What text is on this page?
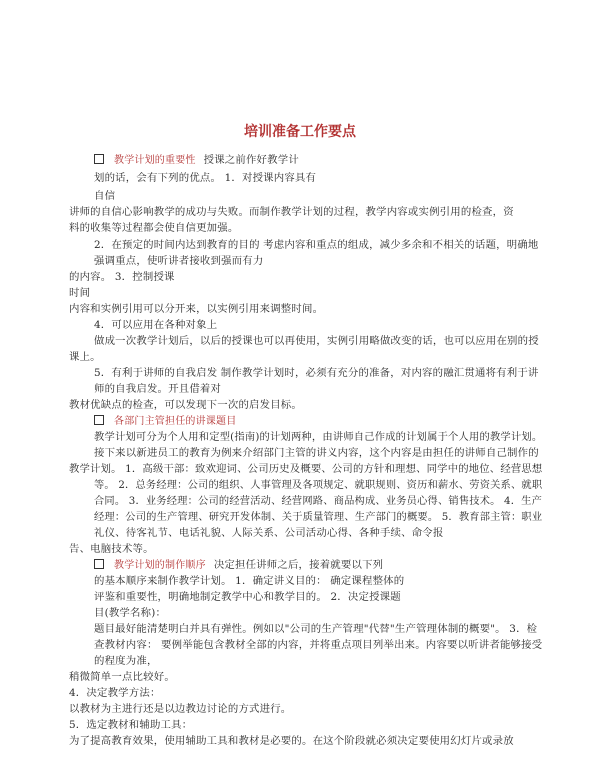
培训准备工作要点
教学计划的重要性 授课之前作好教学计
划的话，会有下列的优点。 1．对授课内容具有
自信
讲师的自信心影响教学的成功与失败。而制作教学计划的过程，教学内容或实例引用的检查，资
料的收集等过程都会使自信更加强。
2．在预定的时间内达到教育的目的 考虑内容和重点的组成，减少多余和不相关的话题，明确地
强调重点，使听讲者接收到强而有力
的内容。 3．控制授课
时间
内容和实例引用可以分开来，以实例引用来调整时间。
4．可以应用在各种对象上
做成一次教学计划后，以后的授课也可以再使用，实例引用略做改变的话，也可以应用在别的授
课上。
5．有利于讲师的自我启发 制作教学计划时，必须有充分的准备，对内容的融汇贯通将有利于讲
师的自我启发。开且借着对
教材优缺点的检查，可以发现下一次的启发目标。
各部门主管担任的讲课题目
教学计划可分为个人用和定型(指南)的计划两种，由讲师自己作成的计划属于个人用的教学计划。
接下来以新进员工的教育为例来介绍部门主管的讲义内容，这个内容是由担任的讲师自己制作的
教学计划。 1．高级干部：致欢迎词、公司历史及概要、公司的方针和理想、同学中的地位、经营思想
等。 2．总务经理：公司的组织、人事管理及各项规定、就职规则、资历和薪水、劳资关系、就职
合同。 3．业务经理：公司的经营活动、经营网路、商品构成、业务员心得、销售技术。 4．生产
经理：公司的生产管理、研究开发体制、关于质量管理、生产部门的概要。 5．教育部主管：职业
礼仪、待客礼节、电话礼貌、人际关系、公司活动心得、各种手续、命令报
告、电脑技术等。
教学计划的制作顺序 决定担任讲师之后，接着就要以下列
的基本顺序来制作教学计划。 1．确定讲义目的： 确定课程整体的
评鉴和重要性，明确地制定教学中心和教学目的。 2．决定授课题
目(教学名称)：
题目最好能清楚明白并具有弹性。例如以"公司的生产管理"代替"生产管理体制的概要"。 3．检
查教材内容： 要例举能包含教材全部的内容，并将重点项目列举出来。内容要以听讲者能够接受
的程度为准，
稍微简单一点比较好。
4．决定教学方法：
以教材为主进行还是以边教边讨论的方式进行。
5．选定教材和辅助工具：
为了提高教育效果，使用辅助工具和教材是必要的。在这个阶段就必须决定要使用幻灯片或录放
